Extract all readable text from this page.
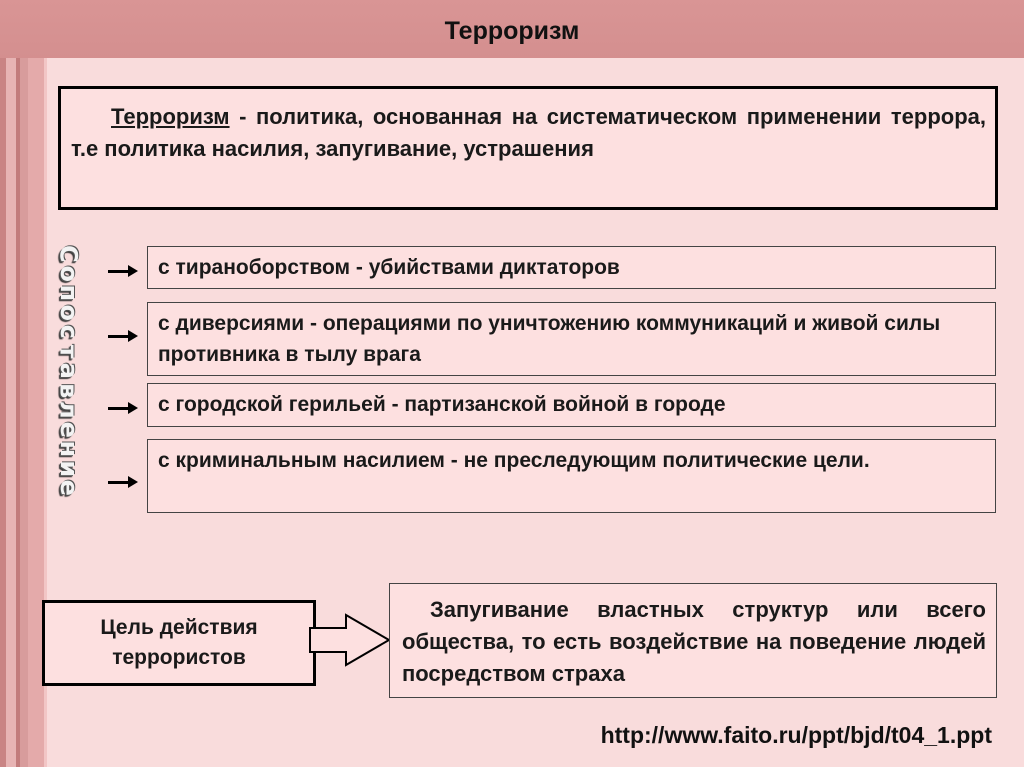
Терроризм
Терроризм - политика, основанная на систематическом применении террора, т.е политика насилия, запугивание, устрашения
С
о
п
о
с
т
а
в
л
е
н
и
е
с тираноборством - убийствами диктаторов
с диверсиями - операциями по уничтожению коммуникаций и живой силы противника в тылу врага
с городской герильей - партизанской войной в городе
с криминальным насилием - не преследующим политические цели.
Цель действия
террористов
Запугивание властных структур или всего общества, то есть воздействие на поведение людей посредством страха
http://www.faito.ru/ppt/bjd/t04_1.ppt
